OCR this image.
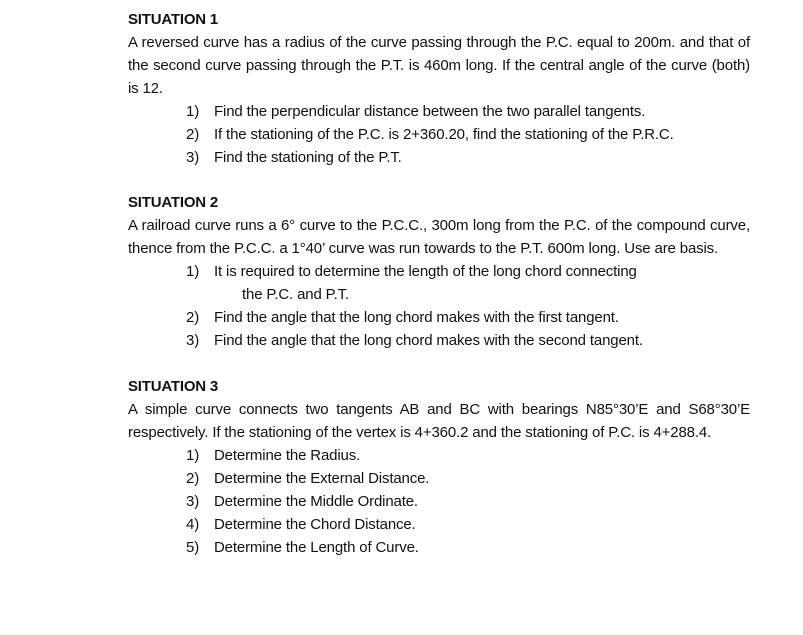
SITUATION 1
A reversed curve has a radius of the curve passing through the P.C. equal to 200m. and that of the second curve passing through the P.T. is 460m long. If the central angle of the curve (both) is 12.
1) Find the perpendicular distance between the two parallel tangents.
2) If the stationing of the P.C. is 2+360.20, find the stationing of the P.R.C.
3) Find the stationing of the P.T.
SITUATION 2
A railroad curve runs a 6° curve to the P.C.C., 300m long from the P.C. of the compound curve, thence from the P.C.C. a 1°40’ curve was run towards to the P.T. 600m long. Use are basis.
1) It is required to determine the length of the long chord connecting
the P.C. and P.T.
2) Find the angle that the long chord makes with the first tangent.
3) Find the angle that the long chord makes with the second tangent.
SITUATION 3
A simple curve connects two tangents AB and BC with bearings N85°30’E and S68°30’E respectively. If the stationing of the vertex is 4+360.2 and the stationing of P.C. is 4+288.4.
1) Determine the Radius.
2) Determine the External Distance.
3) Determine the Middle Ordinate.
4) Determine the Chord Distance.
5) Determine the Length of Curve.
